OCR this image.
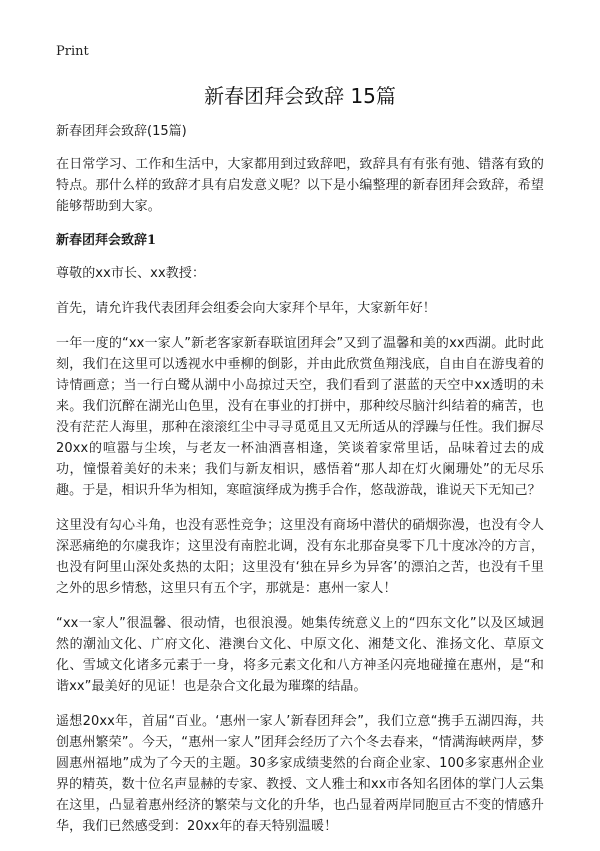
Print
新春团拜会致辞 15篇
新春团拜会致辞(15篇)

在日常学习、工作和生活中，大家都用到过致辞吧，致辞具有有张有弛、错落有致的特点。那什么样的致辞才具有启发意义呢？以下是小编整理的新春团拜会致辞，希望能够帮助到大家。

新春团拜会致辞1

尊敬的xx市长、xx教授：

首先，请允许我代表团拜会组委会向大家拜个早年，大家新年好！

一年一度的“xx一家人”新老客家新春联谊团拜会”又到了温馨和美的xx西湖。此时此刻，我们在这里可以透视水中垂柳的倒影，并由此欣赏鱼翔浅底，自由自在游曳着的诗情画意；当一行白鹭从湖中小岛掠过天空，我们看到了湛蓝的天空中xx透明的未来。我们沉醉在湖光山色里，没有在事业的打拼中，那种绞尽脑汁纠结着的痛苦，也没有茫茫人海里，那种在滚滚红尘中寻寻觅觅且又无所适从的浮躁与任性。我们摒尽20xx的喧嚣与尘埃，与老友一杯油酒喜相逢，笑谈着家常里话，品味着过去的成功，憧憬着美好的未来；我们与新友相识，感悟着“那人却在灯火阑珊处”的无尽乐趣。于是，相识升华为相知，寒暄演绎成为携手合作，悠哉游哉，谁说天下无知己？

这里没有勾心斗角，也没有恶性竞争；这里没有商场中潜伏的硝烟弥漫，也没有令人深恶痛绝的尔虞我诈；这里没有南腔北调，没有东北那奋臭零下几十度冰冷的方言，也没有阿里山深处炙热的太阳；这里没有‘独在异乡为异客’的漂泊之苦，也没有千里之外的思乡情愁，这里只有五个字，那就是：惠州一家人！

“xx一家人”很温馨、很动情，也很浪漫。她集传统意义上的“四东文化”以及区域迥然的潮汕文化、广府文化、港澳台文化、中原文化、湘楚文化、淮扬文化、草原文化、雪域文化诸多元素于一身，将多元素文化和八方神圣闪亮地碰撞在惠州，是“和谐xx”最美好的见证！也是杂合文化最为璀璨的结晶。

遥想20xx年，首届“百业。‘惠州一家人’新春团拜会”，我们立意“携手五湖四海，共创惠州繁荣”。今天，“惠州一家人”团拜会经历了六个冬去春来，“情满海峡两岸，梦圆惠州福地”成为了今天的主题。30多家成绩斐然的台商企业家、100多家惠州企业界的精英，数十位名声显赫的专家、教授、文人雅士和xx市各知名团体的掌门人云集在这里，凸显着惠州经济的繁荣与文化的升华，也凸显着两岸同胞亘古不变的情感升华，我们已然感受到：20xx年的春天特别温暖！
